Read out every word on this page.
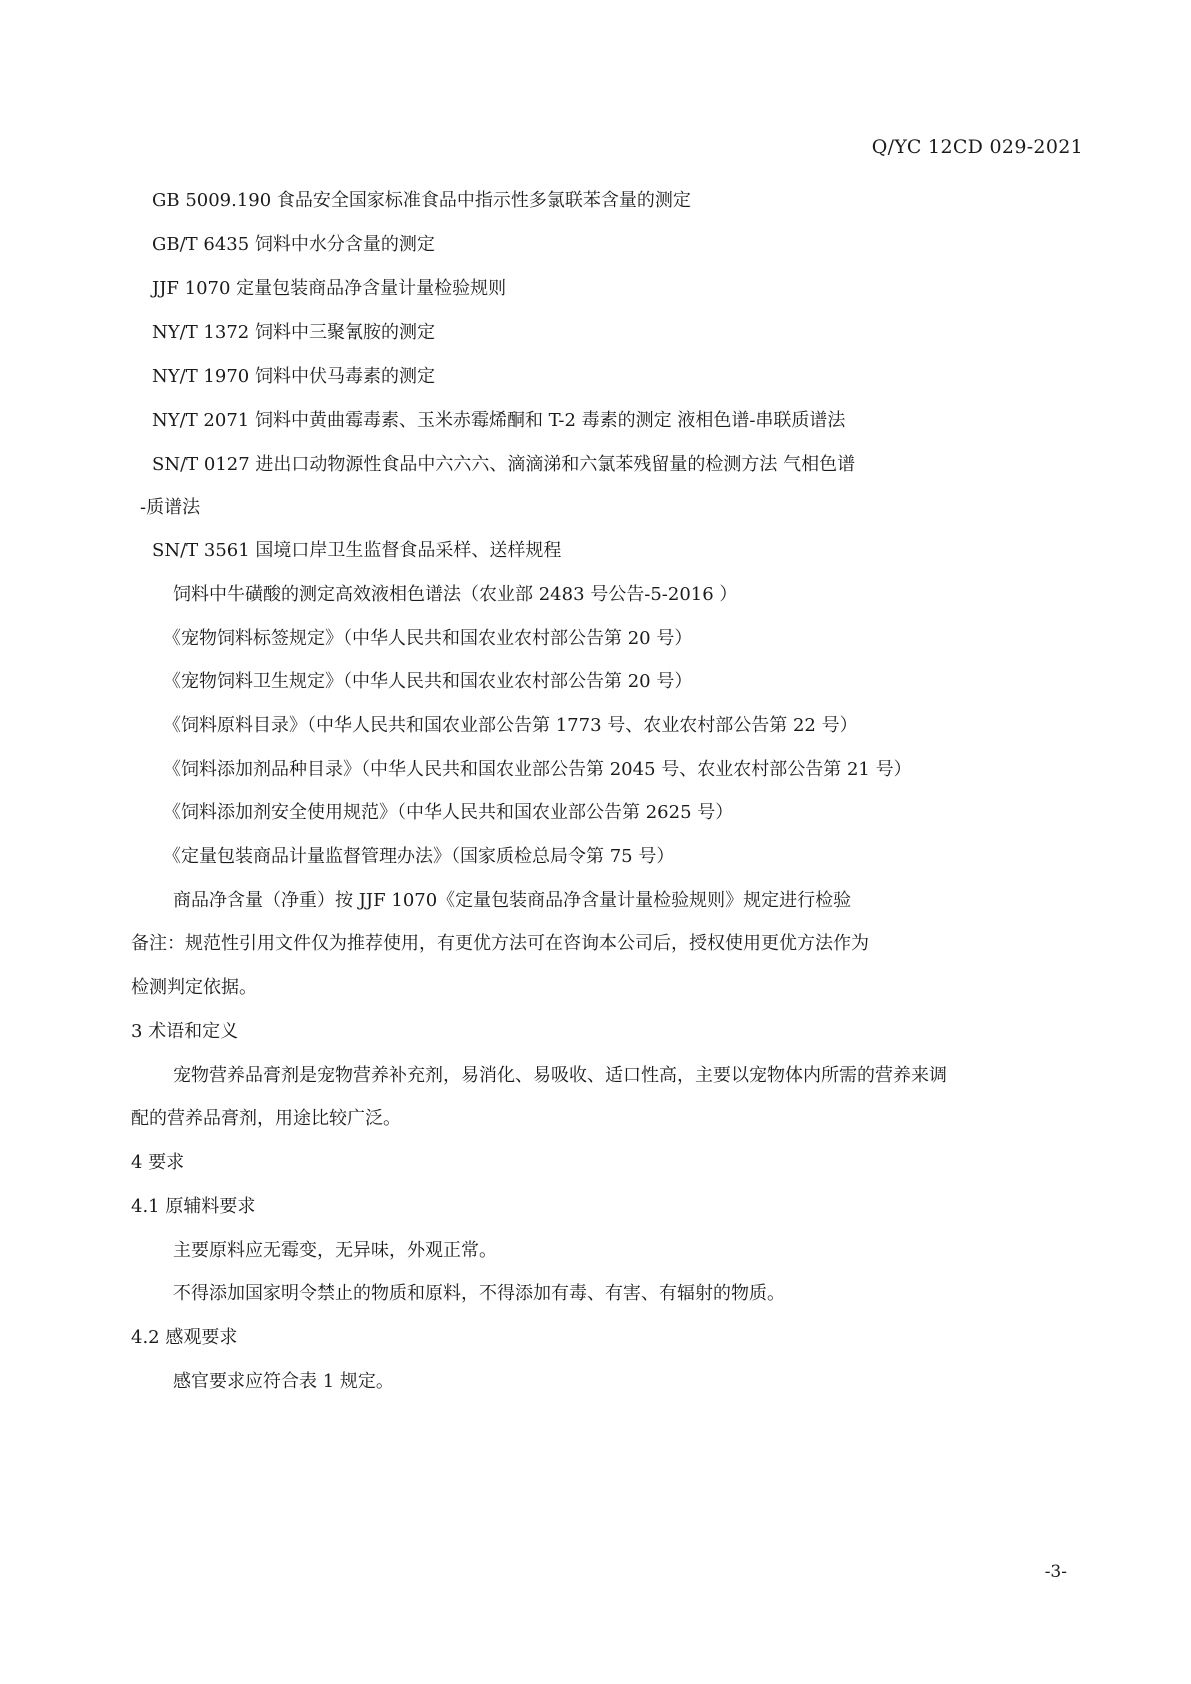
Q/YC 12CD 029-2021
GB 5009.190 食品安全国家标准食品中指示性多氯联苯含量的测定
GB/T 6435 饲料中水分含量的测定
JJF 1070 定量包装商品净含量计量检验规则
NY/T 1372 饲料中三聚氰胺的测定
NY/T 1970 饲料中伏马毒素的测定
NY/T 2071 饲料中黄曲霉毒素、玉米赤霉烯酮和 T-2 毒素的测定 液相色谱-串联质谱法
SN/T 0127 进出口动物源性食品中六六六、滴滴涕和六氯苯残留量的检测方法 气相色谱
-质谱法
SN/T 3561 国境口岸卫生监督食品采样、送样规程
饲料中牛磺酸的测定高效液相色谱法（农业部 2483 号公告-5-2016 ）
《宠物饲料标签规定》（中华人民共和国农业农村部公告第 20 号）
《宠物饲料卫生规定》（中华人民共和国农业农村部公告第 20 号）
《饲料原料目录》（中华人民共和国农业部公告第 1773 号、农业农村部公告第 22 号）
《饲料添加剂品种目录》（中华人民共和国农业部公告第 2045 号、农业农村部公告第 21 号）
《饲料添加剂安全使用规范》（中华人民共和国农业部公告第 2625 号）
《定量包装商品计量监督管理办法》（国家质检总局令第 75 号）
商品净含量（净重）按 JJF 1070《定量包装商品净含量计量检验规则》规定进行检验
备注：规范性引用文件仅为推荐使用，有更优方法可在咨询本公司后，授权使用更优方法作为
检测判定依据。
3 术语和定义
宠物营养品膏剂是宠物营养补充剂，易消化、易吸收、适口性高，主要以宠物体内所需的营养来调
配的营养品膏剂，用途比较广泛。
4 要求
4.1 原辅料要求
主要原料应无霉变，无异味，外观正常。
不得添加国家明令禁止的物质和原料，不得添加有毒、有害、有辐射的物质。
4.2 感观要求
感官要求应符合表 1 规定。
-3-
